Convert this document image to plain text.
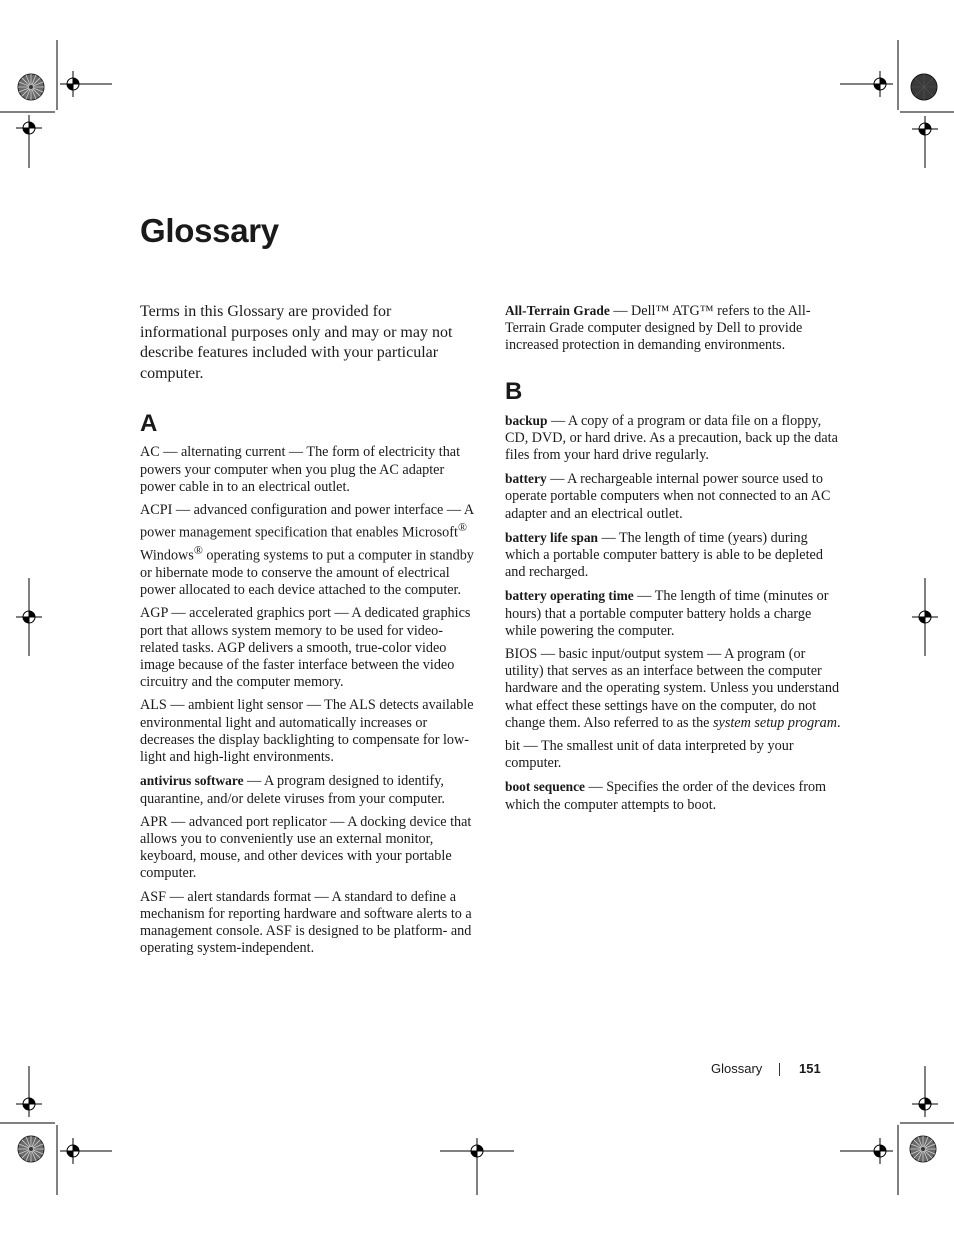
Glossary

Terms in this Glossary are provided for informational purposes only and may or may not describe features included with your particular computer.

A

AC — alternating current — The form of electricity that powers your computer when you plug the AC adapter power cable in to an electrical outlet.

ACPI — advanced configuration and power interface — A power management specification that enables Microsoft® Windows® operating systems to put a computer in standby or hibernate mode to conserve the amount of electrical power allocated to each device attached to the computer.

AGP — accelerated graphics port — A dedicated graphics port that allows system memory to be used for video-related tasks. AGP delivers a smooth, true-color video image because of the faster interface between the video circuitry and the computer memory.

ALS — ambient light sensor — The ALS detects available environmental light and automatically increases or decreases the display backlighting to compensate for low-light and high-light environments.

antivirus software — A program designed to identify, quarantine, and/or delete viruses from your computer.

APR — advanced port replicator — A docking device that allows you to conveniently use an external monitor, keyboard, mouse, and other devices with your portable computer.

ASF — alert standards format — A standard to define a mechanism for reporting hardware and software alerts to a management console. ASF is designed to be platform- and operating system-independent.

All-Terrain Grade — Dell™ ATG™ refers to the All-Terrain Grade computer designed by Dell to provide increased protection in demanding environments.

B

backup — A copy of a program or data file on a floppy, CD, DVD, or hard drive. As a precaution, back up the data files from your hard drive regularly.

battery — A rechargeable internal power source used to operate portable computers when not connected to an AC adapter and an electrical outlet.

battery life span — The length of time (years) during which a portable computer battery is able to be depleted and recharged.

battery operating time — The length of time (minutes or hours) that a portable computer battery holds a charge while powering the computer.

BIOS — basic input/output system — A program (or utility) that serves as an interface between the computer hardware and the operating system. Unless you understand what effect these settings have on the computer, do not change them. Also referred to as the system setup program.

bit — The smallest unit of data interpreted by your computer.

boot sequence — Specifies the order of the devices from which the computer attempts to boot.

Glossary	151
